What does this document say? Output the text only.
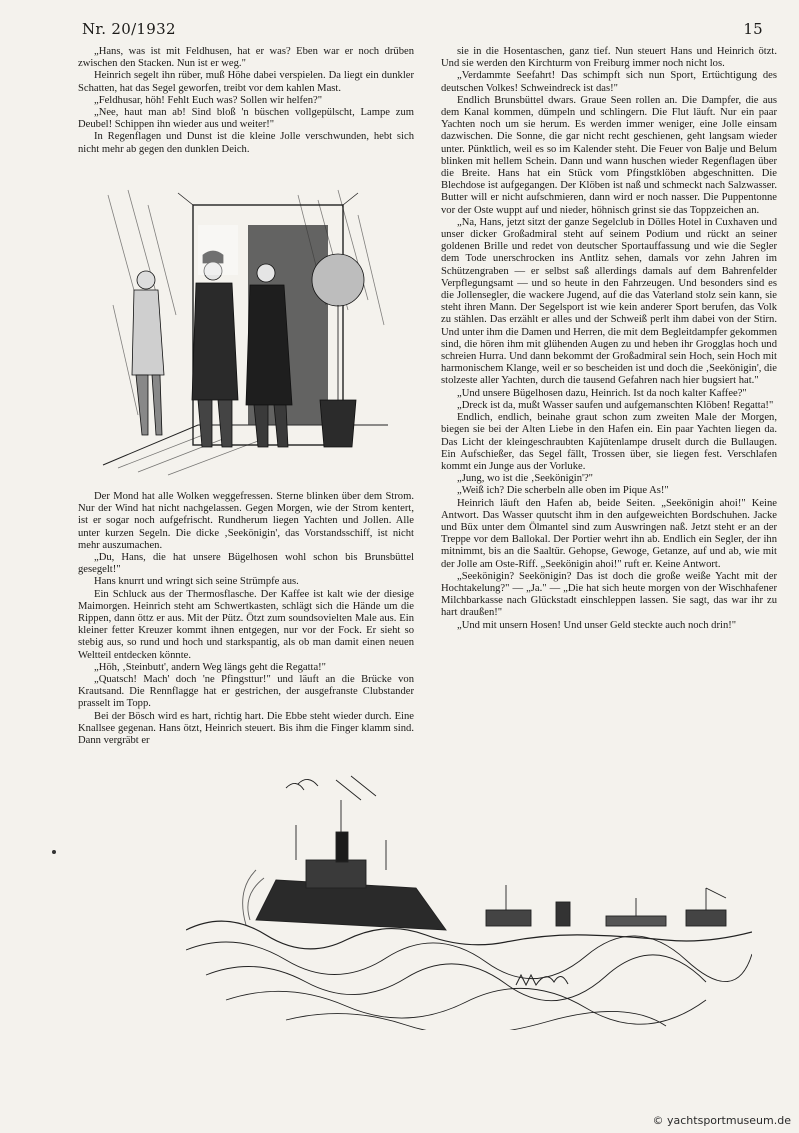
Nr. 20/1932	15

„Hans, was ist mit Feldhusen, hat er was? Eben war er noch drüben zwischen den Stacken. Nun ist er weg."

Heinrich segelt ihn rüber, muß Höhe dabei verspielen. Da liegt ein dunkler Schatten, hat das Segel geworfen, treibt vor dem kahlen Mast.

„Feldhusar, höh! Fehlt Euch was? Sollen wir helfen?"

„Nee, haut man ab! Sind bloß 'n büschen vollgepülscht, Lampe zum Deubel! Schippen ihn wieder aus und weiter!"

In Regenflagen und Dunst ist die kleine Jolle verschwunden, hebt sich nicht mehr ab gegen den dunklen Deich.

Der Mond hat alle Wolken weggefressen. Sterne blinken über dem Strom. Nur der Wind hat nicht nachgelassen. Gegen Morgen, wie der Strom kentert, ist er sogar noch aufgefrischt. Rundherum liegen Yachten und Jollen. Alle unter kurzen Segeln. Die dicke ‚Seekönigin', das Vorstandsschiff, ist nicht mehr auszumachen.

„Du, Hans, die hat unsere Bügelhosen wohl schon bis Brunsbüttel gesegelt!"

Hans knurrt und wringt sich seine Strümpfe aus.

Ein Schluck aus der Thermosflasche. Der Kaffee ist kalt wie der diesige Maimorgen. Heinrich steht am Schwertkasten, schlägt sich die Hände um die Rippen, dann öttz er aus. Mit der Pütz. Ötzt zum soundsovielten Male aus. Ein kleiner fetter Kreuzer kommt ihnen entgegen, nur vor der Fock. Er sieht so stebig aus, so rund und hoch und starkspantig, als ob man damit einen neuen Weltteil entdecken könnte.

„Höh, ‚Steinbutt', andern Weg längs geht die Regatta!"

„Quatsch! Mach' doch 'ne Pfingsttur!" und läuft an die Brücke von Krautsand. Die Rennflagge hat er gestrichen, der ausgefranste Clubstander prasselt im Topp.

Bei der Bösch wird es hart, richtig hart. Die Ebbe steht wieder durch. Eine Knallsee gegenan. Hans ötzt, Heinrich steuert. Bis ihm die Finger klamm sind. Dann vergräbt er

sie in die Hosentaschen, ganz tief. Nun steuert Hans und Heinrich ötzt. Und sie werden den Kirchturm von Freiburg immer noch nicht los.

„Verdammte Seefahrt! Das schimpft sich nun Sport, Ertüchtigung des deutschen Volkes! Schweindreck ist das!"

Endlich Brunsbüttel dwars. Graue Seen rollen an. Die Dampfer, die aus dem Kanal kommen, dümpeln und schlingern. Die Flut läuft. Nur ein paar Yachten noch um sie herum. Es werden immer weniger, eine Jolle einsam dazwischen. Die Sonne, die gar nicht recht geschienen, geht langsam wieder unter. Pünktlich, weil es so im Kalender steht. Die Feuer von Balje und Belum blinken mit hellem Schein. Dann und wann huschen wieder Regenflagen über die Breite. Hans hat ein Stück vom Pfingstklöben abgeschnitten. Die Blechdose ist aufgegangen. Der Klöben ist naß und schmeckt nach Salzwasser. Butter will er nicht aufschmieren, dann wird er noch nasser. Die Puppentonne vor der Oste wuppt auf und nieder, höhnisch grinst sie das Toppzeichen an.

„Na, Hans, jetzt sitzt der ganze Segelclub in Dölles Hotel in Cuxhaven und unser dicker Großadmiral steht auf seinem Podium und rückt an seiner goldenen Brille und redet von deutscher Sportauffassung und wie die Segler dem Tode unerschrocken ins Antlitz sehen, damals vor zehn Jahren im Schützengraben — er selbst saß allerdings damals auf dem Bahrenfelder Verpflegungsamt — und so heute in den Fahrzeugen. Und besonders sind es die Jollensegler, die wackere Jugend, auf die das Vaterland stolz sein kann, sie steht ihren Mann. Der Segelsport ist wie kein anderer Sport berufen, das Volk zu stählen. Das erzählt er alles und der Schweiß perlt ihm dabei von der Stirn. Und unter ihm die Damen und Herren, die mit dem Begleitdampfer gekommen sind, die hören ihm mit glühenden Augen zu und heben ihr Grogglas hoch und schreien Hurra. Und dann bekommt der Großadmiral sein Hoch, sein Hoch mit harmonischem Klange, weil er so bescheiden ist und doch die ‚Seekönigin', die stolzeste aller Yachten, durch die tausend Gefahren nach hier bugsiert hat."

„Und unsere Bügelhosen dazu, Heinrich. Ist da noch kalter Kaffee?"

„Dreck ist da, mußt Wasser saufen und aufgemanschten Klöben! Regatta!"

Endlich, endlich, beinahe graut schon zum zweiten Male der Morgen, biegen sie bei der Alten Liebe in den Hafen ein. Ein paar Yachten liegen da. Das Licht der kleingeschraubten Kajütenlampe druselt durch die Bullaugen. Ein Aufschießer, das Segel fällt, Trossen über, sie liegen fest. Verschlafen kommt ein Junge aus der Vorluke.

„Jung, wo ist die ‚Seekönigin'?"

„Weiß ich? Die scherbeln alle oben im Pique As!"

Heinrich läuft den Hafen ab, beide Seiten. „Seekönigin ahoi!" Keine Antwort. Das Wasser quutscht ihm in den aufgeweichten Bordschuhen. Jacke und Büx unter dem Ölmantel sind zum Auswringen naß. Jetzt steht er an der Treppe vor dem Ballokal. Der Portier wehrt ihn ab. Endlich ein Segler, der ihn mitnimmt, bis an die Saaltür. Gehopse, Gewoge, Getanze, auf und ab, wie mit der Jolle am Oste-Riff. „Seekönigin ahoi!" ruft er. Keine Antwort.

„Seekönigin? Seekönigin? Das ist doch die große weiße Yacht mit der Hochtakelung?" — „Ja." — „Die hat sich heute morgen von der Wischhafener Milchbarkasse nach Glückstadt einschleppen lassen. Sie sagt, das war ihr zu hart draußen!"

„Und mit unsern Hosen! Und unser Geld steckte auch noch drin!"

© yachtsportmuseum.de
